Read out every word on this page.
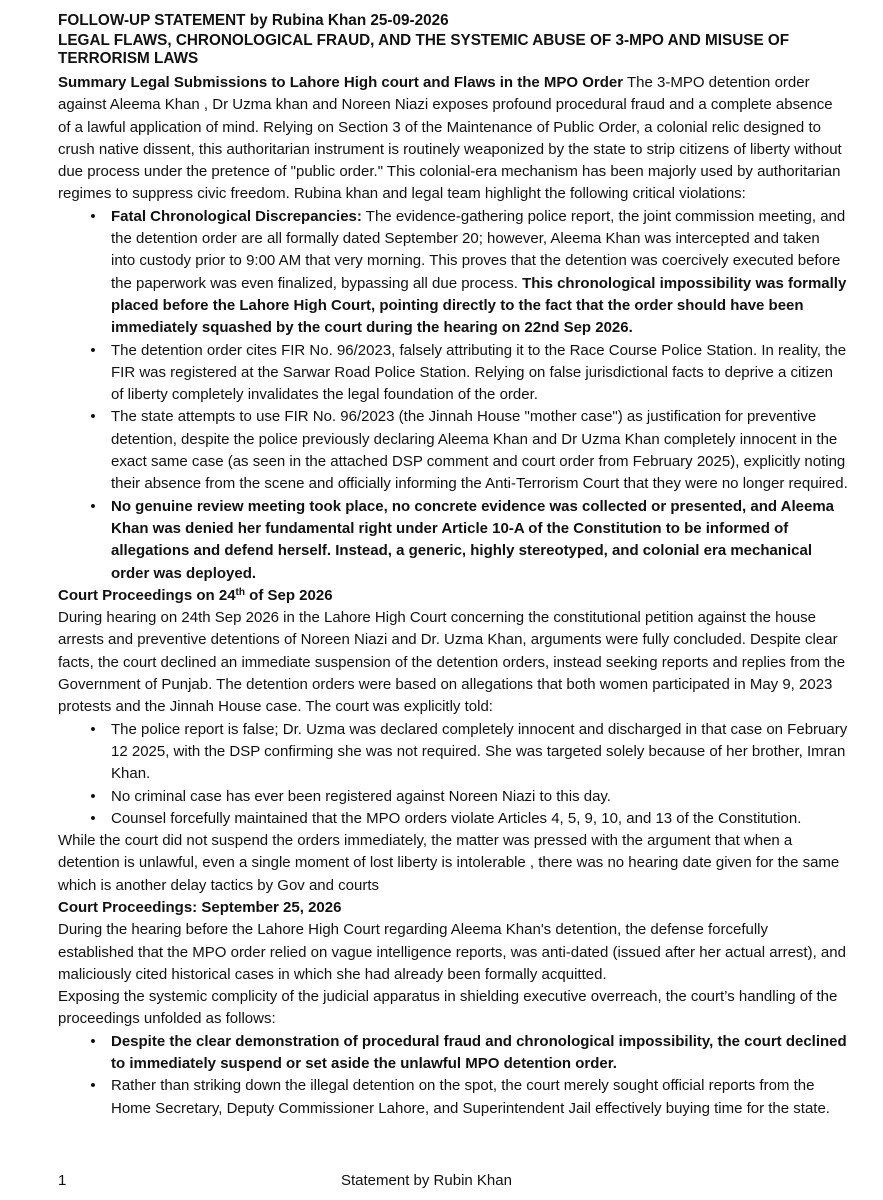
FOLLOW-UP STATEMENT by Rubina Khan 25-09-2026
LEGAL FLAWS, CHRONOLOGICAL FRAUD, AND THE SYSTEMIC ABUSE OF 3-MPO AND MISUSE OF TERRORISM LAWS

Summary Legal Submissions to Lahore High court and Flaws in the MPO Order The 3-MPO detention order against Aleema Khan , Dr Uzma khan and Noreen Niazi exposes profound procedural fraud and a complete absence of a lawful application of mind. Relying on Section 3 of the Maintenance of Public Order, a colonial relic designed to crush native dissent, this authoritarian instrument is routinely weaponized by the state to strip citizens of liberty without due process under the pretence of "public order." This colonial-era mechanism has been majorly used by authoritarian regimes to suppress civic freedom. Rubina khan and legal team highlight the following critical violations:

• Fatal Chronological Discrepancies: The evidence-gathering police report, the joint commission meeting, and the detention order are all formally dated September 20; however, Aleema Khan was intercepted and taken into custody prior to 9:00 AM that very morning. This proves that the detention was coercively executed before the paperwork was even finalized, bypassing all due process. This chronological impossibility was formally placed before the Lahore High Court, pointing directly to the fact that the order should have been immediately squashed by the court during the hearing on 22nd Sep 2026.
• The detention order cites FIR No. 96/2023, falsely attributing it to the Race Course Police Station. In reality, the FIR was registered at the Sarwar Road Police Station. Relying on false jurisdictional facts to deprive a citizen of liberty completely invalidates the legal foundation of the order.
• The state attempts to use FIR No. 96/2023 (the Jinnah House "mother case") as justification for preventive detention, despite the police previously declaring Aleema Khan and Dr Uzma Khan completely innocent in the exact same case (as seen in the attached DSP comment and court order from February 2025), explicitly noting their absence from the scene and officially informing the Anti-Terrorism Court that they were no longer required.
• No genuine review meeting took place, no concrete evidence was collected or presented, and Aleema Khan was denied her fundamental right under Article 10-A of the Constitution to be informed of allegations and defend herself. Instead, a generic, highly stereotyped, and colonial era mechanical order was deployed.

Court Proceedings on 24th of Sep 2026

During hearing on 24th Sep 2026 in the Lahore High Court concerning the constitutional petition against the house arrests and preventive detentions of Noreen Niazi and Dr. Uzma Khan, arguments were fully concluded. Despite clear facts, the court declined an immediate suspension of the detention orders, instead seeking reports and replies from the Government of Punjab. The detention orders were based on allegations that both women participated in May 9, 2023 protests and the Jinnah House case. The court was explicitly told:

• The police report is false; Dr. Uzma was declared completely innocent and discharged in that case on February 12 2025, with the DSP confirming she was not required. She was targeted solely because of her brother, Imran Khan.
• No criminal case has ever been registered against Noreen Niazi to this day.
• Counsel forcefully maintained that the MPO orders violate Articles 4, 5, 9, 10, and 13 of the Constitution.

While the court did not suspend the orders immediately, the matter was pressed with the argument that when a detention is unlawful, even a single moment of lost liberty is intolerable , there was no hearing date given for the same which is another delay tactics by Gov and courts

Court Proceedings: September 25, 2026

During the hearing before the Lahore High Court regarding Aleema Khan's detention, the defense forcefully established that the MPO order relied on vague intelligence reports, was anti-dated (issued after her actual arrest), and maliciously cited historical cases in which she had already been formally acquitted.

Exposing the systemic complicity of the judicial apparatus in shielding executive overreach, the court’s handling of the proceedings unfolded as follows:

• Despite the clear demonstration of procedural fraud and chronological impossibility, the court declined to immediately suspend or set aside the unlawful MPO detention order.
• Rather than striking down the illegal detention on the spot, the court merely sought official reports from the Home Secretary, Deputy Commissioner Lahore, and Superintendent Jail effectively buying time for the state.
1	Statement by Rubin Khan
